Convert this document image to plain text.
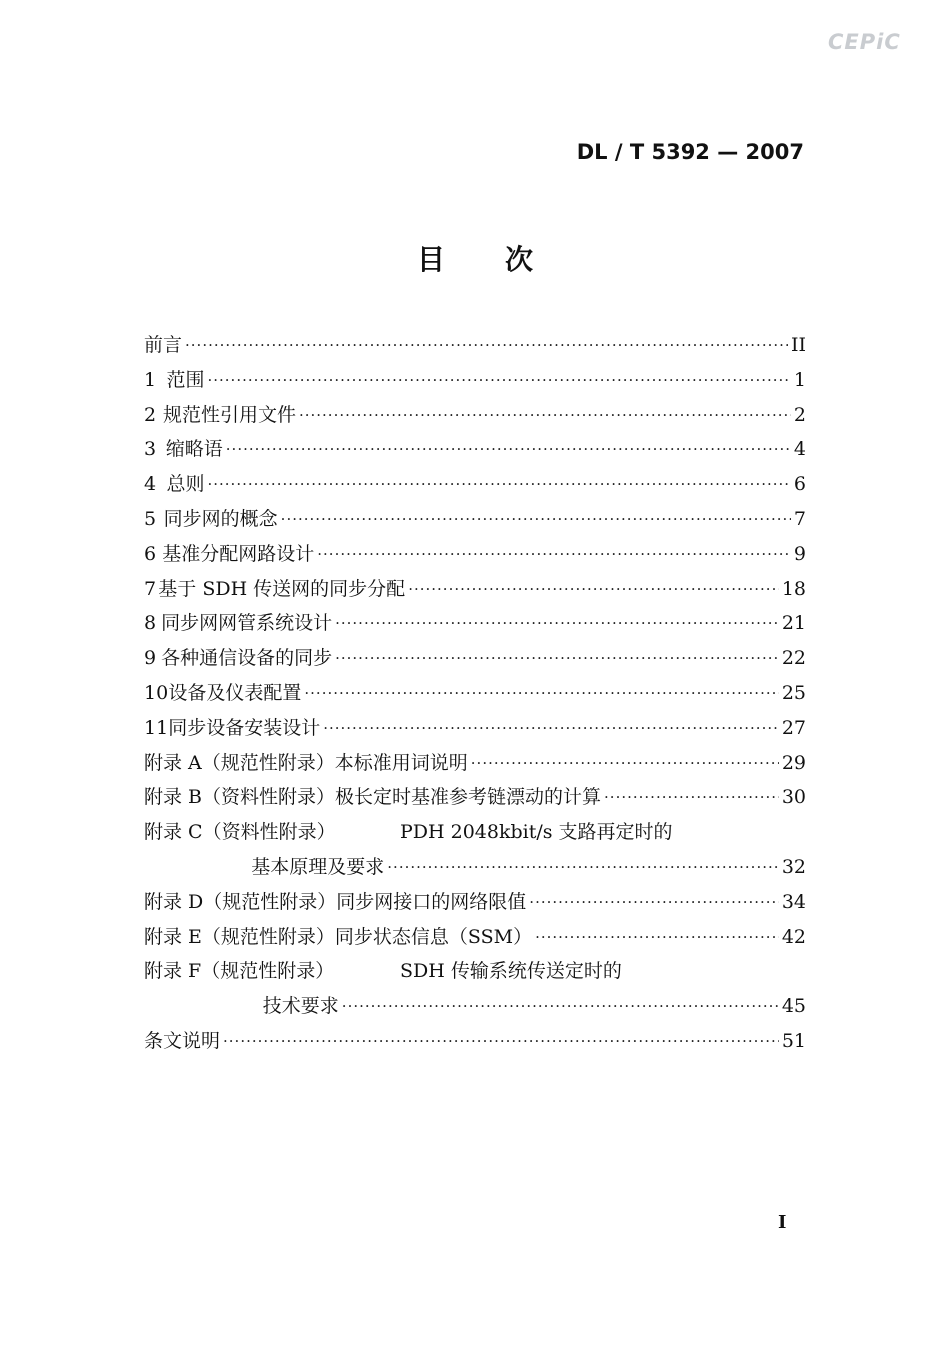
CEPiC
DL / T 5392 — 2007
目次
前言 ·····	II
1 范围 ·····	1
2 规范性引用文件 ·····	2
3 缩略语 ·····	4
4 总则 ·····	6
5 同步网的概念 ·····	7
6 基准分配网路设计 ·····	9
7 基于 SDH 传送网的同步分配 ·····	18
8 同步网网管系统设计 ·····	21
9 各种通信设备的同步 ·····	22
10 设备及仪表配置 ·····	25
11 同步设备安装设计 ·····	27
附录 A（规范性附录） 本标准用词说明 ·····	29
附录 B（资料性附录） 极长定时基准参考链漂动的计算 ·····	30
附录 C（资料性附录）	PDH 2048kbit/s 支路再定时的
基本原理及要求 ·····	32
附录 D（规范性附录） 同步网接口的网络限值 ·····	34
附录 E（规范性附录） 同步状态信息（SSM） ·····	42
附录 F（规范性附录）	SDH 传输系统传送定时的
技术要求 ·····	45
条文说明 ·····	51
I
